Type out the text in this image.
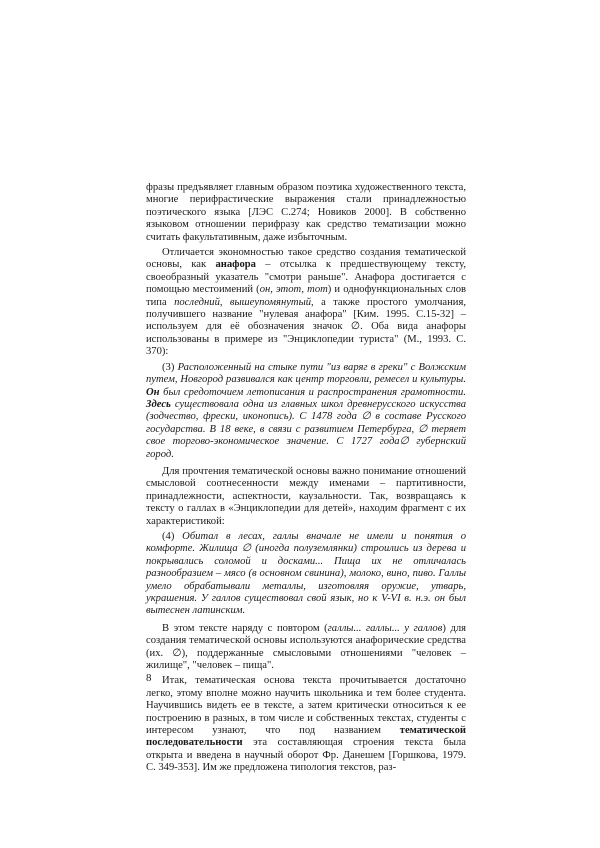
фразы предъявляет главным образом поэтика художественного текста, многие перифрастические выражения стали принадлежностью поэтического языка [ЛЭС С.274; Новиков 2000]. В собственно языковом отношении перифразу как средство тематизации можно считать факультативным, даже избыточным.

Отличается экономностью такое средство создания тематической основы, как анафора – отсылка к предшествующему тексту, своеобразный указатель "смотри раньше". Анафора достигается с помощью местоимений (он, этот, тот) и однофункциональных слов типа последний, вышеупомянутый, а также простого умолчания, получившего название "нулевая анафора" [Ким. 1995. С.15-32] – используем для её обозначения значок ∅. Оба вида анафоры использованы в примере из "Энциклопедии туриста" (М., 1993. С. 370):

(3) Расположенный на стыке пути "из варяг в греки" с Волжским путем, Новгород развивался как центр торговли, ремесел и культуры. Он был средоточием летописания и распространения грамотности. Здесь существовала одна из главных школ древнерусского искусства (зодчество, фрески, иконопись). С 1478 года ∅ в составе Русского государства. В 18 веке, в связи с развитием Петербурга, ∅ теряет свое торгово-экономическое значение. С 1727 года∅ губернский город.

Для прочтения тематической основы важно понимание отношений смысловой соотнесенности между именами – партитивности, принадлежности, аспектности, каузальности. Так, возвращаясь к тексту о галлах в «Энциклопедии для детей», находим фрагмент с их характеристикой:

(4) Обитал в лесах, галлы вначале не имели и понятия о комфорте. Жилища ∅ (иногда полуземлянки) строились из дерева и покрывались соломой и досками... Пища их не отличалась разнообразием – мясо (в основном свинина), молоко, вино, пиво. Галлы умело обрабатывали металлы, изготовляя оружие, утварь, украшения. У галлов существовал свой язык, но к V-VI в. н.э. он был вытеснен латинским.

В этом тексте наряду с повтором (галлы... галлы... у галлов) для создания тематической основы используются анафорические средства (их. ∅), поддержанные смысловыми отношениями "человек – жилище", "человек – пища".

Итак, тематическая основа текста прочитывается достаточно легко, этому вполне можно научить школьника и тем более студента. Научившись видеть ее в тексте, а затем критически относиться к ее построению в разных, в том числе и собственных текстах, студенты с интересом узнают, что под названием тематической последовательности эта составляющая строения текста была открыта и введена в научный оборот Фр. Данешем [Горшкова, 1979. С. 349-353]. Им же предложена типология текстов, раз-

8
